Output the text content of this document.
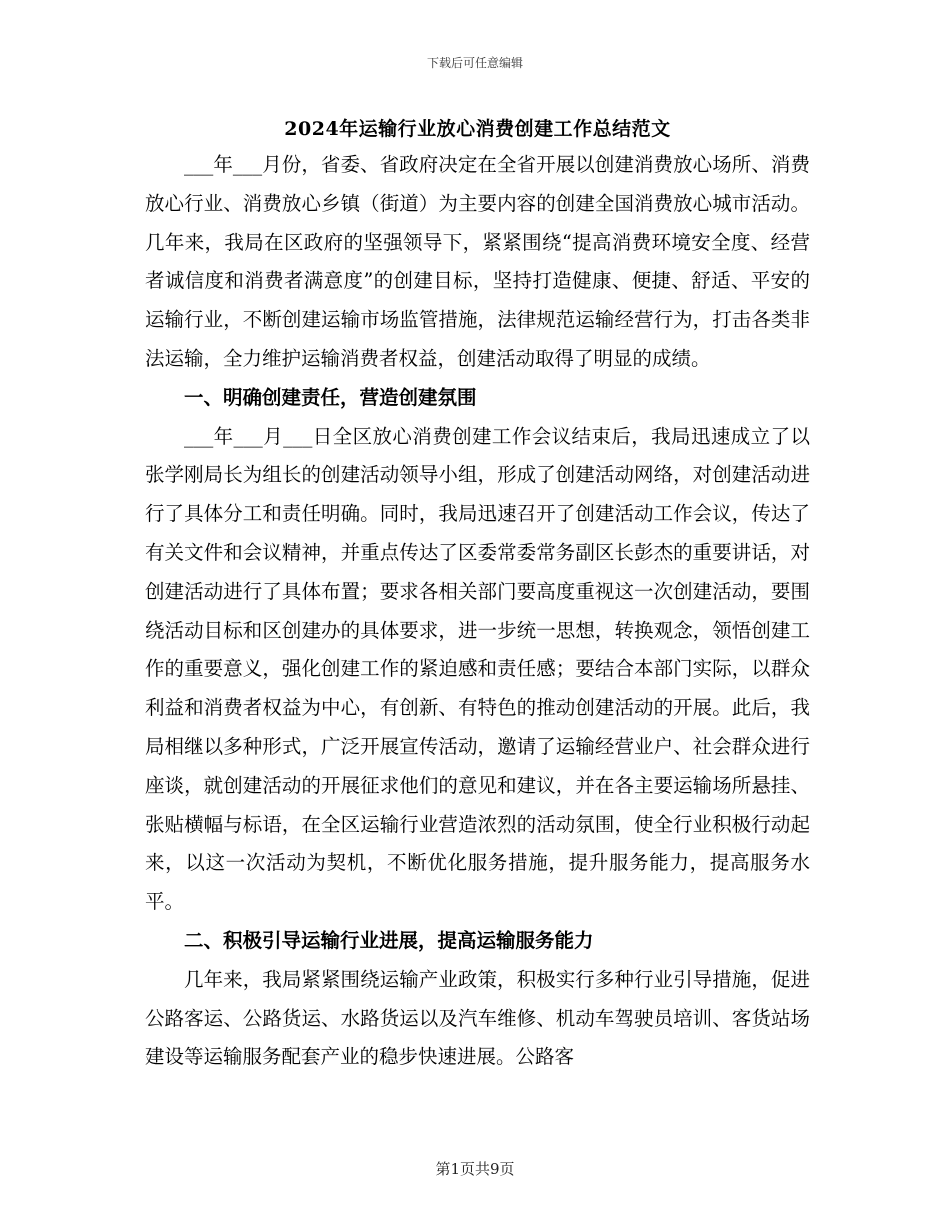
下载后可任意编辑
2024年运输行业放心消费创建工作总结范文

___年___月份，省委、省政府决定在全省开展以创建消费放心场所、消费放心行业、消费放心乡镇（街道）为主要内容的创建全国消费放心城市活动。几年来，我局在区政府的坚强领导下，紧紧围绕“提高消费环境安全度、经营者诚信度和消费者满意度”的创建目标，坚持打造健康、便捷、舒适、平安的运输行业，不断创建运输市场监管措施，法律规范运输经营行为，打击各类非法运输，全力维护运输消费者权益，创建活动取得了明显的成绩。

一、明确创建责任，营造创建氛围

___年___月___日全区放心消费创建工作会议结束后，我局迅速成立了以张学刚局长为组长的创建活动领导小组，形成了创建活动网络，对创建活动进行了具体分工和责任明确。同时，我局迅速召开了创建活动工作会议，传达了有关文件和会议精神，并重点传达了区委常委常务副区长彭杰的重要讲话，对创建活动进行了具体布置；要求各相关部门要高度重视这一次创建活动，要围绕活动目标和区创建办的具体要求，进一步统一思想，转换观念，领悟创建工作的重要意义，强化创建工作的紧迫感和责任感；要结合本部门实际，以群众利益和消费者权益为中心，有创新、有特色的推动创建活动的开展。此后，我局相继以多种形式，广泛开展宣传活动，邀请了运输经营业户、社会群众进行座谈，就创建活动的开展征求他们的意见和建议，并在各主要运输场所悬挂、张贴横幅与标语，在全区运输行业营造浓烈的活动氛围，使全行业积极行动起来，以这一次活动为契机，不断优化服务措施，提升服务能力，提高服务水平。

二、积极引导运输行业进展，提高运输服务能力

几年来，我局紧紧围绕运输产业政策，积极实行多种行业引导措施，促进公路客运、公路货运、水路货运以及汽车维修、机动车驾驶员培训、客货站场建设等运输服务配套产业的稳步快速进展。公路客

第1页共9页
